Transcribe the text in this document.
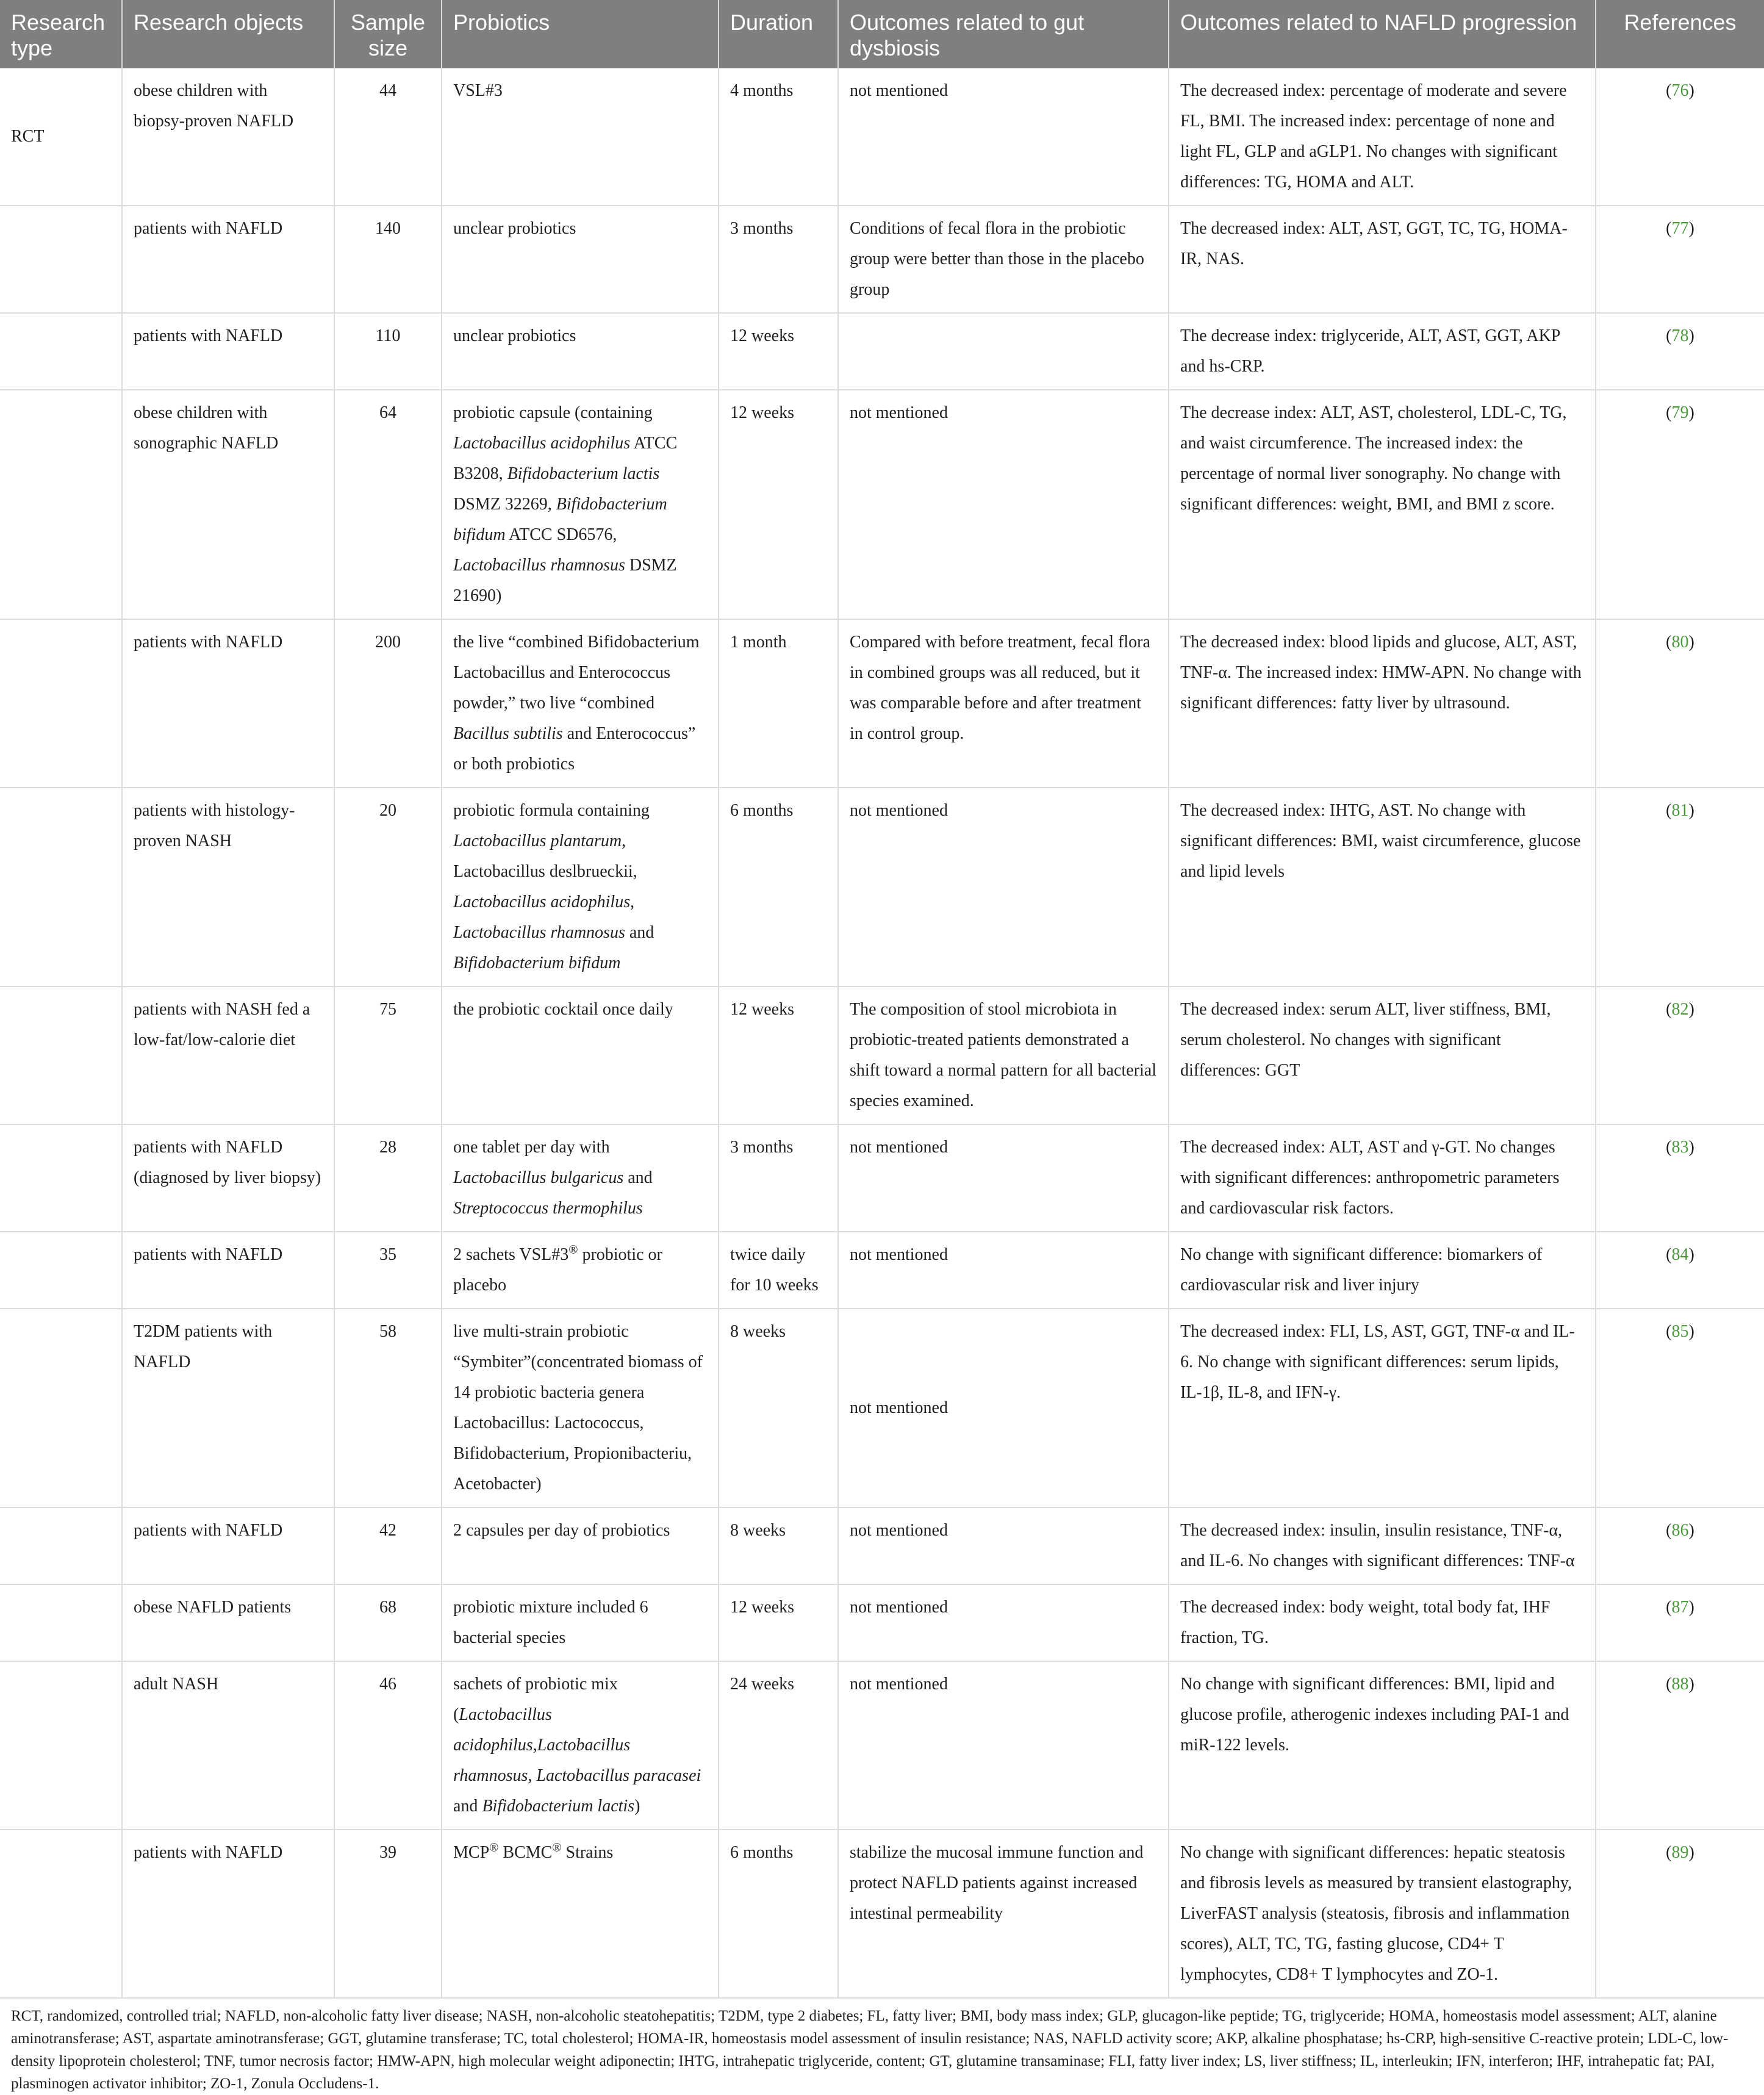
Research type	Research objects	Sample size	Probiotics	Duration	Outcomes related to gut dysbiosis	Outcomes related to NAFLD progression	References
RCT	obese children with biopsy-proven NAFLD	44	VSL#3	4 months	not mentioned	The decreased index: percentage of moderate and severe FL, BMI. The increased index: percentage of none and light FL, GLP and aGLP1. No changes with significant differences: TG, HOMA and ALT.	(76)
	patients with NAFLD	140	unclear probiotics	3 months	Conditions of fecal flora in the probiotic group were better than those in the placebo group	The decreased index: ALT, AST, GGT, TC, TG, HOMA-IR, NAS.	(77)
	patients with NAFLD	110	unclear probiotics	12 weeks		The decrease index: triglyceride, ALT, AST, GGT, AKP and hs-CRP.	(78)
	obese children with sonographic NAFLD	64	probiotic capsule (containing Lactobacillus acidophilus ATCC B3208, Bifidobacterium lactis DSMZ 32269, Bifidobacterium bifidum ATCC SD6576, Lactobacillus rhamnosus DSMZ 21690)	12 weeks	not mentioned	The decrease index: ALT, AST, cholesterol, LDL-C, TG, and waist circumference. The increased index: the percentage of normal liver sonography. No change with significant differences: weight, BMI, and BMI z score.	(79)
	patients with NAFLD	200	the live “combined Bifidobacterium Lactobacillus and Enterococcus powder,” two live “combined Bacillus subtilis and Enterococcus” or both probiotics	1 month	Compared with before treatment, fecal flora in combined groups was all reduced, but it was comparable before and after treatment in control group.	The decreased index: blood lipids and glucose, ALT, AST, TNF-α. The increased index: HMW-APN. No change with significant differences: fatty liver by ultrasound.	(80)
	patients with histology-proven NASH	20	probiotic formula containing Lactobacillus plantarum, Lactobacillus deslbrueckii, Lactobacillus acidophilus, Lactobacillus rhamnosus and Bifidobacterium bifidum	6 months	not mentioned	The decreased index: IHTG, AST. No change with significant differences: BMI, waist circumference, glucose and lipid levels	(81)
	patients with NASH fed a low-fat/low-calorie diet	75	the probiotic cocktail once daily	12 weeks	The composition of stool microbiota in probiotic-treated patients demonstrated a shift toward a normal pattern for all bacterial species examined.	The decreased index: serum ALT, liver stiffness, BMI, serum cholesterol. No changes with significant differences: GGT	(82)
	patients with NAFLD (diagnosed by liver biopsy)	28	one tablet per day with Lactobacillus bulgaricus and Streptococcus thermophilus	3 months	not mentioned	The decreased index: ALT, AST and γ-GT. No changes with significant differences: anthropometric parameters and cardiovascular risk factors.	(83)
	patients with NAFLD	35	2 sachets VSL#3® probiotic or placebo	twice daily for 10 weeks	not mentioned	No change with significant difference: biomarkers of cardiovascular risk and liver injury	(84)
	T2DM patients with NAFLD	58	live multi-strain probiotic “Symbiter”(concentrated biomass of 14 probiotic bacteria genera Lactobacillus: Lactococcus, Bifidobacterium, Propionibacteriu, Acetobacter)	8 weeks	not mentioned	The decreased index: FLI, LS, AST, GGT, TNF-α and IL-6. No change with significant differences: serum lipids, IL-1β, IL-8, and IFN-γ.	(85)
	patients with NAFLD	42	2 capsules per day of probiotics	8 weeks	not mentioned	The decreased index: insulin, insulin resistance, TNF-α, and IL-6. No changes with significant differences: TNF-α	(86)
	obese NAFLD patients	68	probiotic mixture included 6 bacterial species	12 weeks	not mentioned	The decreased index: body weight, total body fat, IHF fraction, TG.	(87)
	adult NASH	46	sachets of probiotic mix (Lactobacillus acidophilus,Lactobacillus rhamnosus, Lactobacillus paracasei and Bifidobacterium lactis)	24 weeks	not mentioned	No change with significant differences: BMI, lipid and glucose profile, atherogenic indexes including PAI-1 and miR-122 levels.	(88)
	patients with NAFLD	39	MCP® BCMC® Strains	6 months	stabilize the mucosal immune function and protect NAFLD patients against increased intestinal permeability	No change with significant differences: hepatic steatosis and fibrosis levels as measured by transient elastography, LiverFAST analysis (steatosis, fibrosis and inflammation scores), ALT, TC, TG, fasting glucose, CD4+ T lymphocytes, CD8+ T lymphocytes and ZO-1.	(89)
RCT, randomized, controlled trial; NAFLD, non-alcoholic fatty liver disease; NASH, non-alcoholic steatohepatitis; T2DM, type 2 diabetes; FL, fatty liver; BMI, body mass index; GLP, glucagon-like peptide; TG, triglyceride; HOMA, homeostasis model assessment; ALT, alanine aminotransferase; AST, aspartate aminotransferase; GGT, glutamine transferase; TC, total cholesterol; HOMA-IR, homeostasis model assessment of insulin resistance; NAS, NAFLD activity score; AKP, alkaline phosphatase; hs-CRP, high-sensitive C-reactive protein; LDL-C, low-density lipoprotein cholesterol; TNF, tumor necrosis factor; HMW-APN, high molecular weight adiponectin; IHTG, intrahepatic triglyceride, content; GT, glutamine transaminase; FLI, fatty liver index; LS, liver stiffness; IL, interleukin; IFN, interferon; IHF, intrahepatic fat; PAI, plasminogen activator inhibitor; ZO-1, Zonula Occludens-1.
